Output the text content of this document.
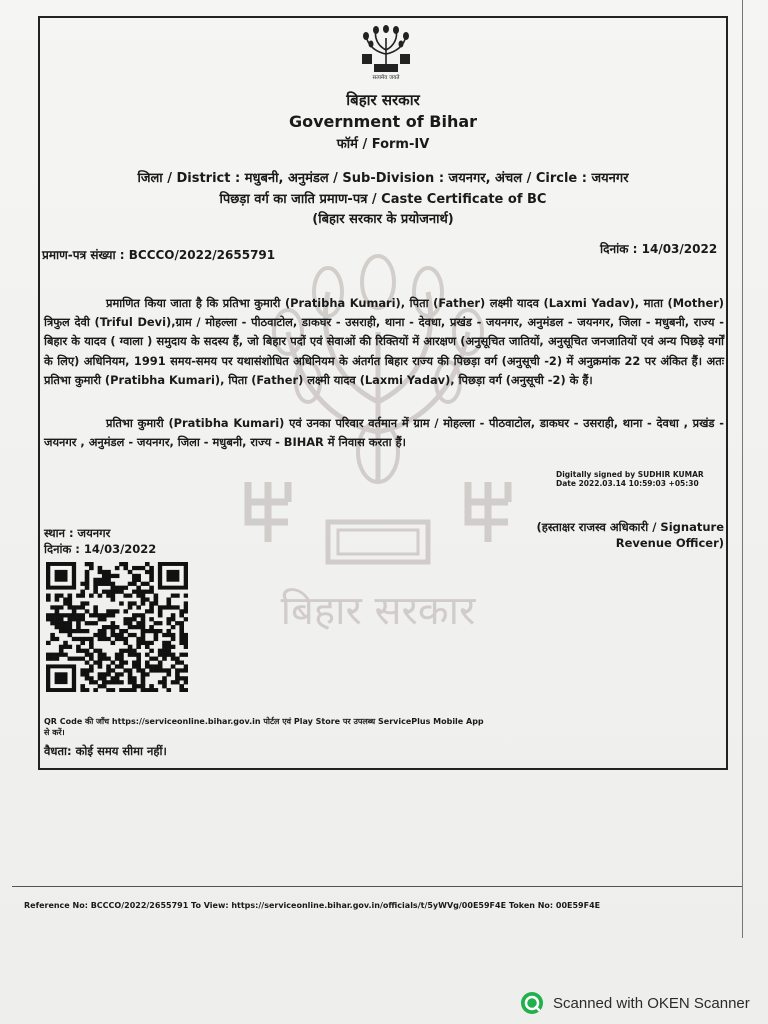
सत्यमेव जयते
बिहार सरकार
Government of Bihar
फॉर्म / Form-IV
जिला / District : मधुबनी, अनुमंडल / Sub-Division : जयनगर, अंचल / Circle : जयनगर
पिछड़ा वर्ग का जाति प्रमाण-पत्र / Caste Certificate of BC
(बिहार सरकार के प्रयोजनार्थ)
प्रमाण-पत्र संख्या : BCCCO/2022/2655791	दिनांक : 14/03/2022
बिहार सरकार
प्रमाणित किया जाता है कि प्रतिभा कुमारी (Pratibha Kumari), पिता (Father) लक्ष्मी यादव (Laxmi Yadav), माता (Mother) त्रिफुल देवी (Triful Devi),ग्राम / मोहल्ला - पीठवाटोल, डाकघर - उसराही, थाना - देवधा, प्रखंड - जयनगर, अनुमंडल - जयनगर, जिला - मधुबनी, राज्य - बिहार के यादव ( ग्वाला ) समुदाय के सदस्य हैं, जो बिहार पदों एवं सेवाओं की रिक्तियों में आरक्षण (अनुसूचित जातियों, अनुसूचित जनजातियों एवं अन्य पिछड़े वर्गों के लिए) अधिनियम, 1991 समय-समय पर यथासंशोधित अधिनियम के अंतर्गत बिहार राज्य की पिछड़ा वर्ग (अनुसूची -2) में अनुक्रमांक 22 पर अंकित हैं। अतः प्रतिभा कुमारी (Pratibha Kumari), पिता (Father) लक्ष्मी यादव (Laxmi Yadav), पिछड़ा वर्ग (अनुसूची -2) के हैं।
प्रतिभा कुमारी (Pratibha Kumari) एवं उनका परिवार वर्तमान में ग्राम / मोहल्ला - पीठवाटोल, डाकघर - उसराही, थाना - देवधा , प्रखंड - जयनगर , अनुमंडल - जयनगर, जिला - मधुबनी, राज्य - BIHAR में निवास करता हैं।
Digitally signed by SUDHIR KUMAR
Date 2022.03.14 10:59:03 +05:30
स्थान : जयनगर
दिनांक : 14/03/2022
(हस्ताक्षर राजस्व अधिकारी / Signature
Revenue Officer)
QR Code की जाँच https://serviceonline.bihar.gov.in पोर्टल एवं Play Store पर उपलब्ध ServicePlus Mobile App से करें।
वैधता: कोई समय सीमा नहीं।
Reference No: BCCCO/2022/2655791 To View: https://serviceonline.bihar.gov.in/officials/t/5yWVg/00E59F4E Token No: 00E59F4E
Scanned with OKEN Scanner
